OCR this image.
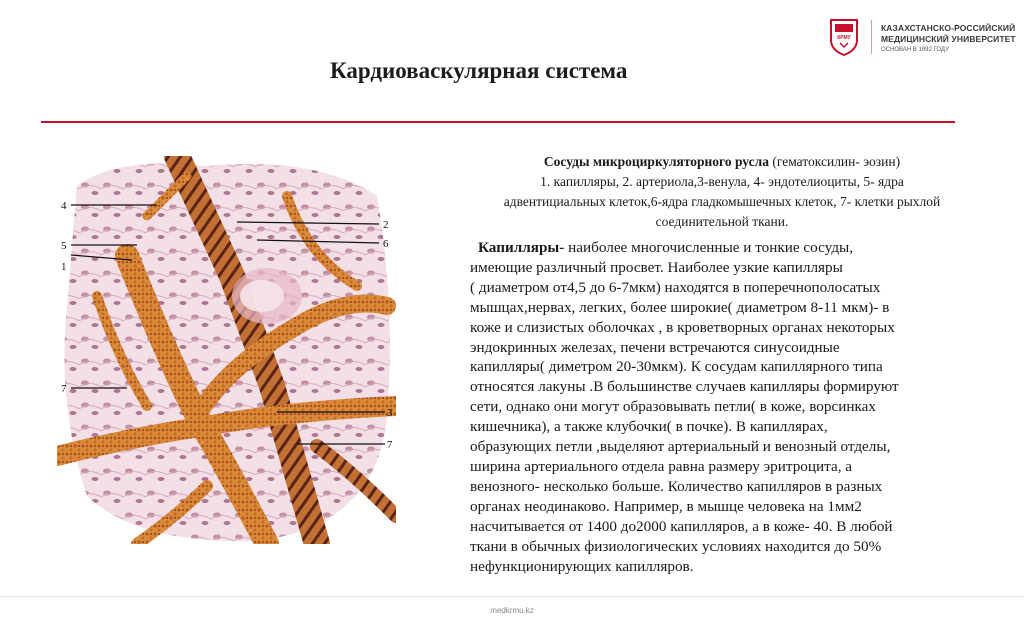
КРМУ
КАЗАХСТАНСКО-РОССИЙСКИЙ
МЕДИЦИНСКИЙ УНИВЕРСИТЕТ
ОСНОВАН В 1992 ГОДУ
Кардиоваскулярная система
4
5
1
2
6
7
3
7
Сосуды микроциркуляторного русла (гематоксилин- эозин)
1. капилляры, 2. артериола,3-венула, 4- эндотелиоциты, 5- ядра
адвентициальных клеток,6-ядра гладкомышечных клеток, 7- клетки рыхлой
соединительной ткани.
Капилляры- наиболее многочисленные и тонкие сосуды,
имеющие различный просвет. Наиболее узкие капилляры
( диаметром от4,5 до 6-7мкм) находятся в поперечнополосатых
мышцах,нервах, легких, более широкие( диаметром 8-11 мкм)- в
коже и слизистых оболочках , в кроветворных органах некоторых
эндокринных железах, печени встречаются синусоидные
капилляры( диметром 20-30мкм). К сосудам капиллярного типа
относятся лакуны .В большинстве случаев капилляры формируют
сети, однако они могут образовывать петли( в коже, ворсинках
кишечника), а также клубочки( в почке). В капиллярах,
образующих петли ,выделяют артериальный и венозный отделы,
ширина артериального отдела равна размеру эритроцита, а
венозного- несколько больше. Количество капилляров в разных
органах неодинаково. Например, в мышце человека на 1мм2
насчитывается от 1400 до2000 капилляров, а в коже- 40. В любой
ткани в обычных физиологических условиях находится до 50%
нефункционирующих капилляров.
medkrmu.kz
